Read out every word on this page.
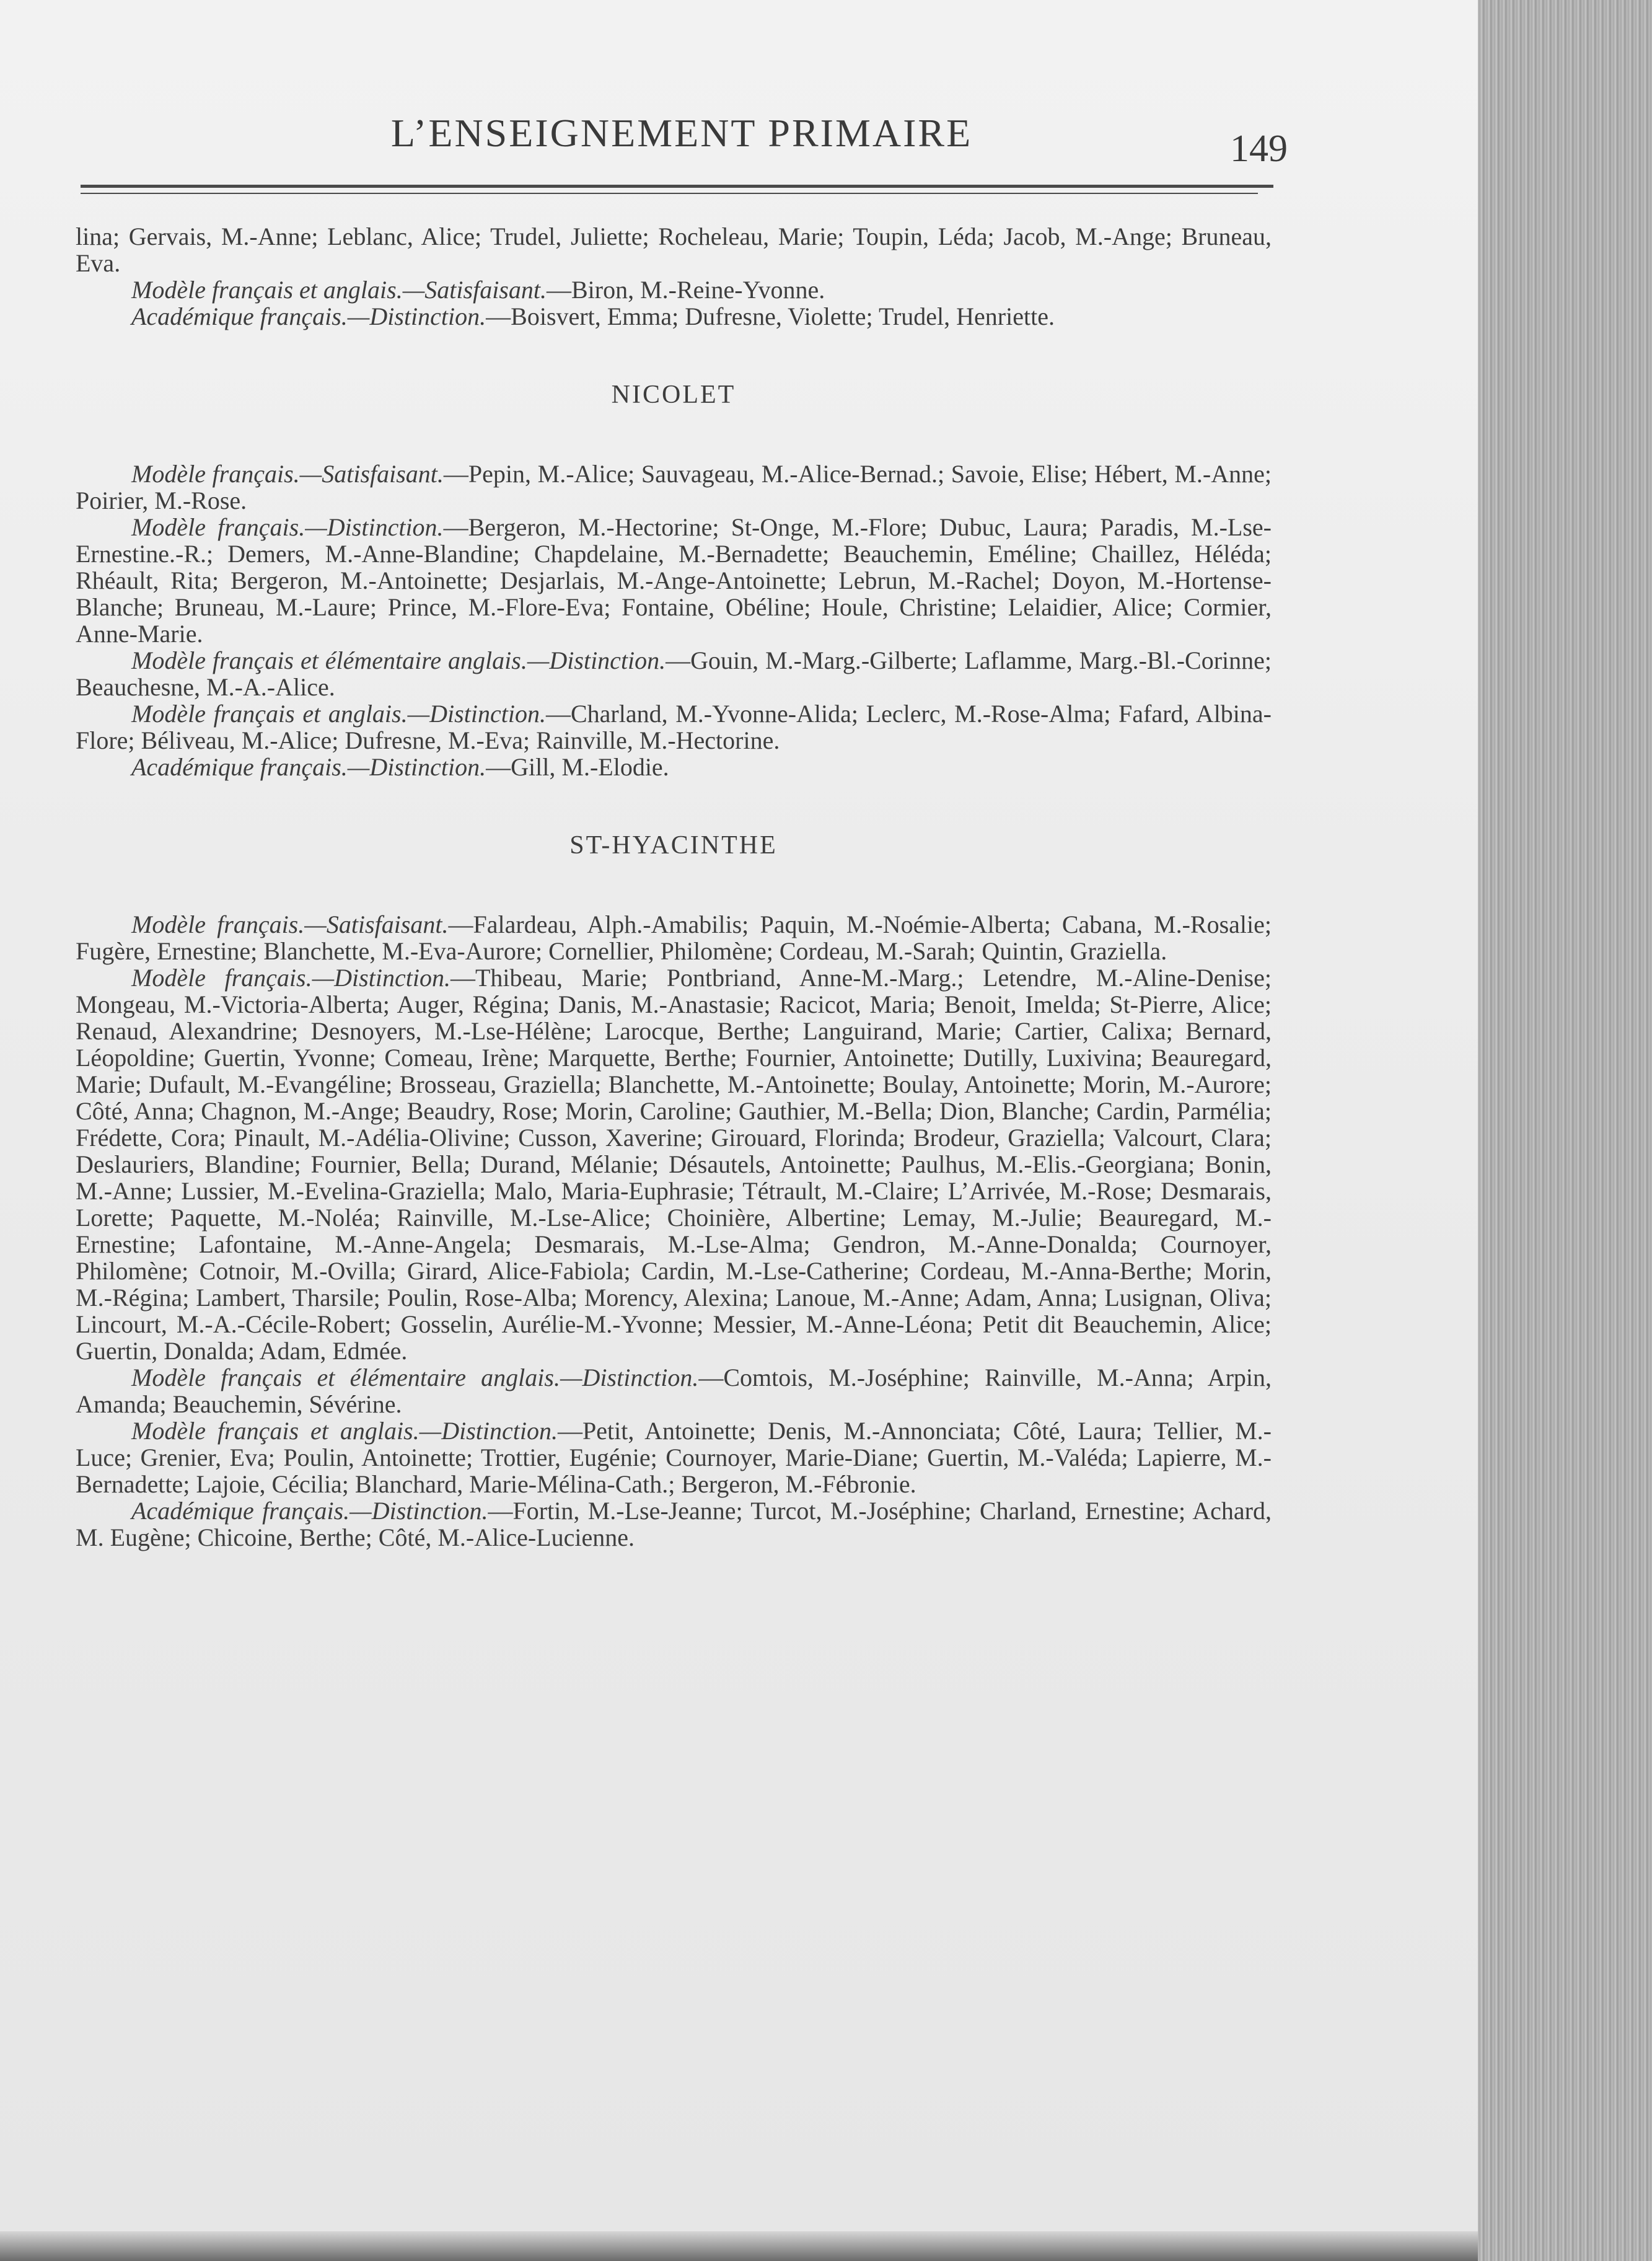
L’ENSEIGNEMENT PRIMAIRE	149

lina; Gervais, M.-Anne; Leblanc, Alice; Trudel, Juliette; Rocheleau, Marie; Toupin, Léda; Jacob, M.-Ange; Bruneau, Eva.

Modèle français et anglais.—Satisfaisant.—Biron, M.-Reine-Yvonne.

Académique français.—Distinction.—Boisvert, Emma; Dufresne, Violette; Trudel, Henriette.

NICOLET

Modèle français.—Satisfaisant.—Pepin, M.-Alice; Sauvageau, M.-Alice-Bernad.; Savoie, Elise; Hébert, M.-Anne; Poirier, M.-Rose.

Modèle français.—Distinction.—Bergeron, M.-Hectorine; St-Onge, M.-Flore; Dubuc, Laura; Paradis, M.-Lse-Ernestine.-R.; Demers, M.-Anne-Blandine; Chapdelaine, M.-Bernadette; Beauchemin, Eméline; Chaillez, Héléda; Rhéault, Rita; Bergeron, M.-Antoinette; Desjarlais, M.-Ange-Antoinette; Lebrun, M.-Rachel; Doyon, M.-Hortense-Blanche; Bruneau, M.-Laure; Prince, M.-Flore-Eva; Fontaine, Obéline; Houle, Christine; Lelaidier, Alice; Cormier, Anne-Marie.

Modèle français et élémentaire anglais.—Distinction.—Gouin, M.-Marg.-Gilberte; Laflamme, Marg.-Bl.-Corinne; Beauchesne, M.-A.-Alice.

Modèle français et anglais.—Distinction.—Charland, M.-Yvonne-Alida; Leclerc, M.-Rose-Alma; Fafard, Albina-Flore; Béliveau, M.-Alice; Dufresne, M.-Eva; Rainville, M.-Hectorine.

Académique français.—Distinction.—Gill, M.-Elodie.

ST-HYACINTHE

Modèle français.—Satisfaisant.—Falardeau, Alph.-Amabilis; Paquin, M.-Noémie-Alberta; Cabana, M.-Rosalie; Fugère, Ernestine; Blanchette, M.-Eva-Aurore; Cornellier, Philomène; Cordeau, M.-Sarah; Quintin, Graziella.

Modèle français.—Distinction.—Thibeau, Marie; Pontbriand, Anne-M.-Marg.; Letendre, M.-Aline-Denise; Mongeau, M.-Victoria-Alberta; Auger, Régina; Danis, M.-Anastasie; Racicot, Maria; Benoit, Imelda; St-Pierre, Alice; Renaud, Alexandrine; Desnoyers, M.-Lse-Hélène; Larocque, Berthe; Languirand, Marie; Cartier, Calixa; Bernard, Léopoldine; Guertin, Yvonne; Comeau, Irène; Marquette, Berthe; Fournier, Antoinette; Dutilly, Luxivina; Beauregard, Marie; Dufault, M.-Evangéline; Brosseau, Graziella; Blanchette, M.-Antoinette; Boulay, Antoinette; Morin, M.-Aurore; Côté, Anna; Chagnon, M.-Ange; Beaudry, Rose; Morin, Caroline; Gauthier, M.-Bella; Dion, Blanche; Cardin, Parmélia; Frédette, Cora; Pinault, M.-Adélia-Olivine; Cusson, Xaverine; Girouard, Florinda; Brodeur, Graziella; Valcourt, Clara; Deslauriers, Blandine; Fournier, Bella; Durand, Mélanie; Désautels, Antoinette; Paulhus, M.-Elis.-Georgiana; Bonin, M.-Anne; Lussier, M.-Evelina-Graziella; Malo, Maria-Euphrasie; Tétrault, M.-Claire; L’Arrivée, M.-Rose; Desmarais, Lorette; Paquette, M.-Noléa; Rainville, M.-Lse-Alice; Choinière, Albertine; Lemay, M.-Julie; Beauregard, M.-Ernestine; Lafontaine, M.-Anne-Angela; Desmarais, M.-Lse-Alma; Gendron, M.-Anne-Donalda; Cournoyer, Philomène; Cotnoir, M.-Ovilla; Girard, Alice-Fabiola; Cardin, M.-Lse-Catherine; Cordeau, M.-Anna-Berthe; Morin, M.-Régina; Lambert, Tharsile; Poulin, Rose-Alba; Morency, Alexina; Lanoue, M.-Anne; Adam, Anna; Lusignan, Oliva; Lincourt, M.-A.-Cécile-Robert; Gosselin, Aurélie-M.-Yvonne; Messier, M.-Anne-Léona; Petit dit Beauchemin, Alice; Guertin, Donalda; Adam, Edmée.

Modèle français et élémentaire anglais.—Distinction.—Comtois, M.-Joséphine; Rainville, M.-Anna; Arpin, Amanda; Beauchemin, Sévérine.

Modèle français et anglais.—Distinction.—Petit, Antoinette; Denis, M.-Annonciata; Côté, Laura; Tellier, M.-Luce; Grenier, Eva; Poulin, Antoinette; Trottier, Eugénie; Cournoyer, Marie-Diane; Guertin, M.-Valéda; Lapierre, M.-Bernadette; Lajoie, Cécilia; Blanchard, Marie-Mélina-Cath.; Bergeron, M.-Fébronie.

Académique français.—Distinction.—Fortin, M.-Lse-Jeanne; Turcot, M.-Joséphine; Charland, Ernestine; Achard, M. Eugène; Chicoine, Berthe; Côté, M.-Alice-Lucienne.
